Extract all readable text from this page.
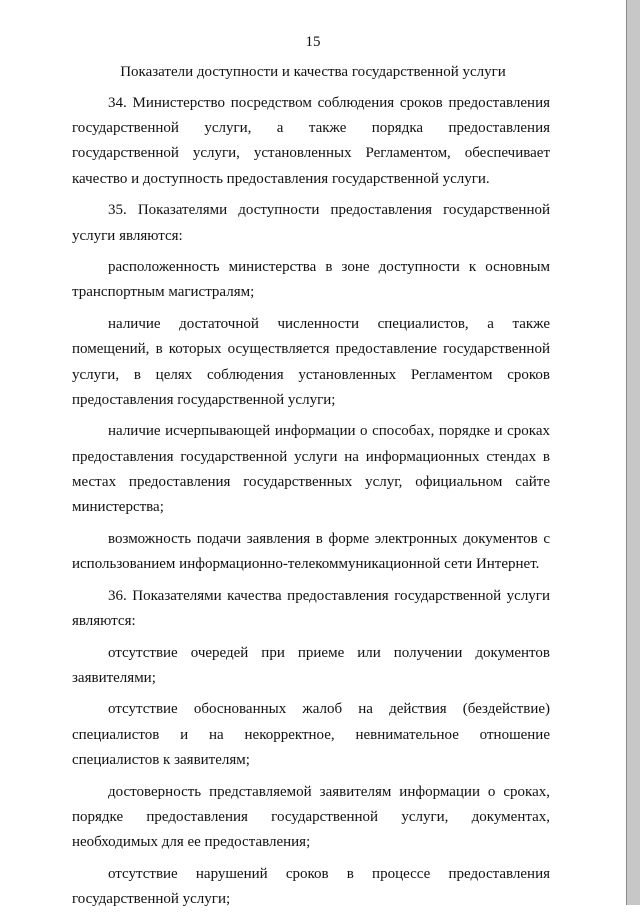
15
Показатели доступности и качества государственной услуги

34. Министерство посредством соблюдения сроков предоставления государственной услуги, а также порядка предоставления государственной услуги, установленных Регламентом, обеспечивает качество и доступность предоставления государственной услуги.

35. Показателями доступности предоставления государственной услуги являются:

расположенность министерства в зоне доступности к основным транспортным магистралям;

наличие достаточной численности специалистов, а также помещений, в которых осуществляется предоставление государственной услуги, в целях соблюдения установленных Регламентом сроков предоставления государственной услуги;

наличие исчерпывающей информации о способах, порядке и сроках предоставления государственной услуги на информационных стендах в местах предоставления государственных услуг, официальном сайте министерства;

возможность подачи заявления в форме электронных документов с использованием информационно-телекоммуникационной сети Интернет.

36. Показателями качества предоставления государственной услуги являются:

отсутствие очередей при приеме или получении документов заявителями;

отсутствие обоснованных жалоб на действия (бездействие) специалистов и на некорректное, невнимательное отношение специалистов к заявителям;

достоверность представляемой заявителям информации о сроках, порядке предоставления государственной услуги, документах, необходимых для ее предоставления;

отсутствие нарушений сроков в процессе предоставления государственной услуги;
